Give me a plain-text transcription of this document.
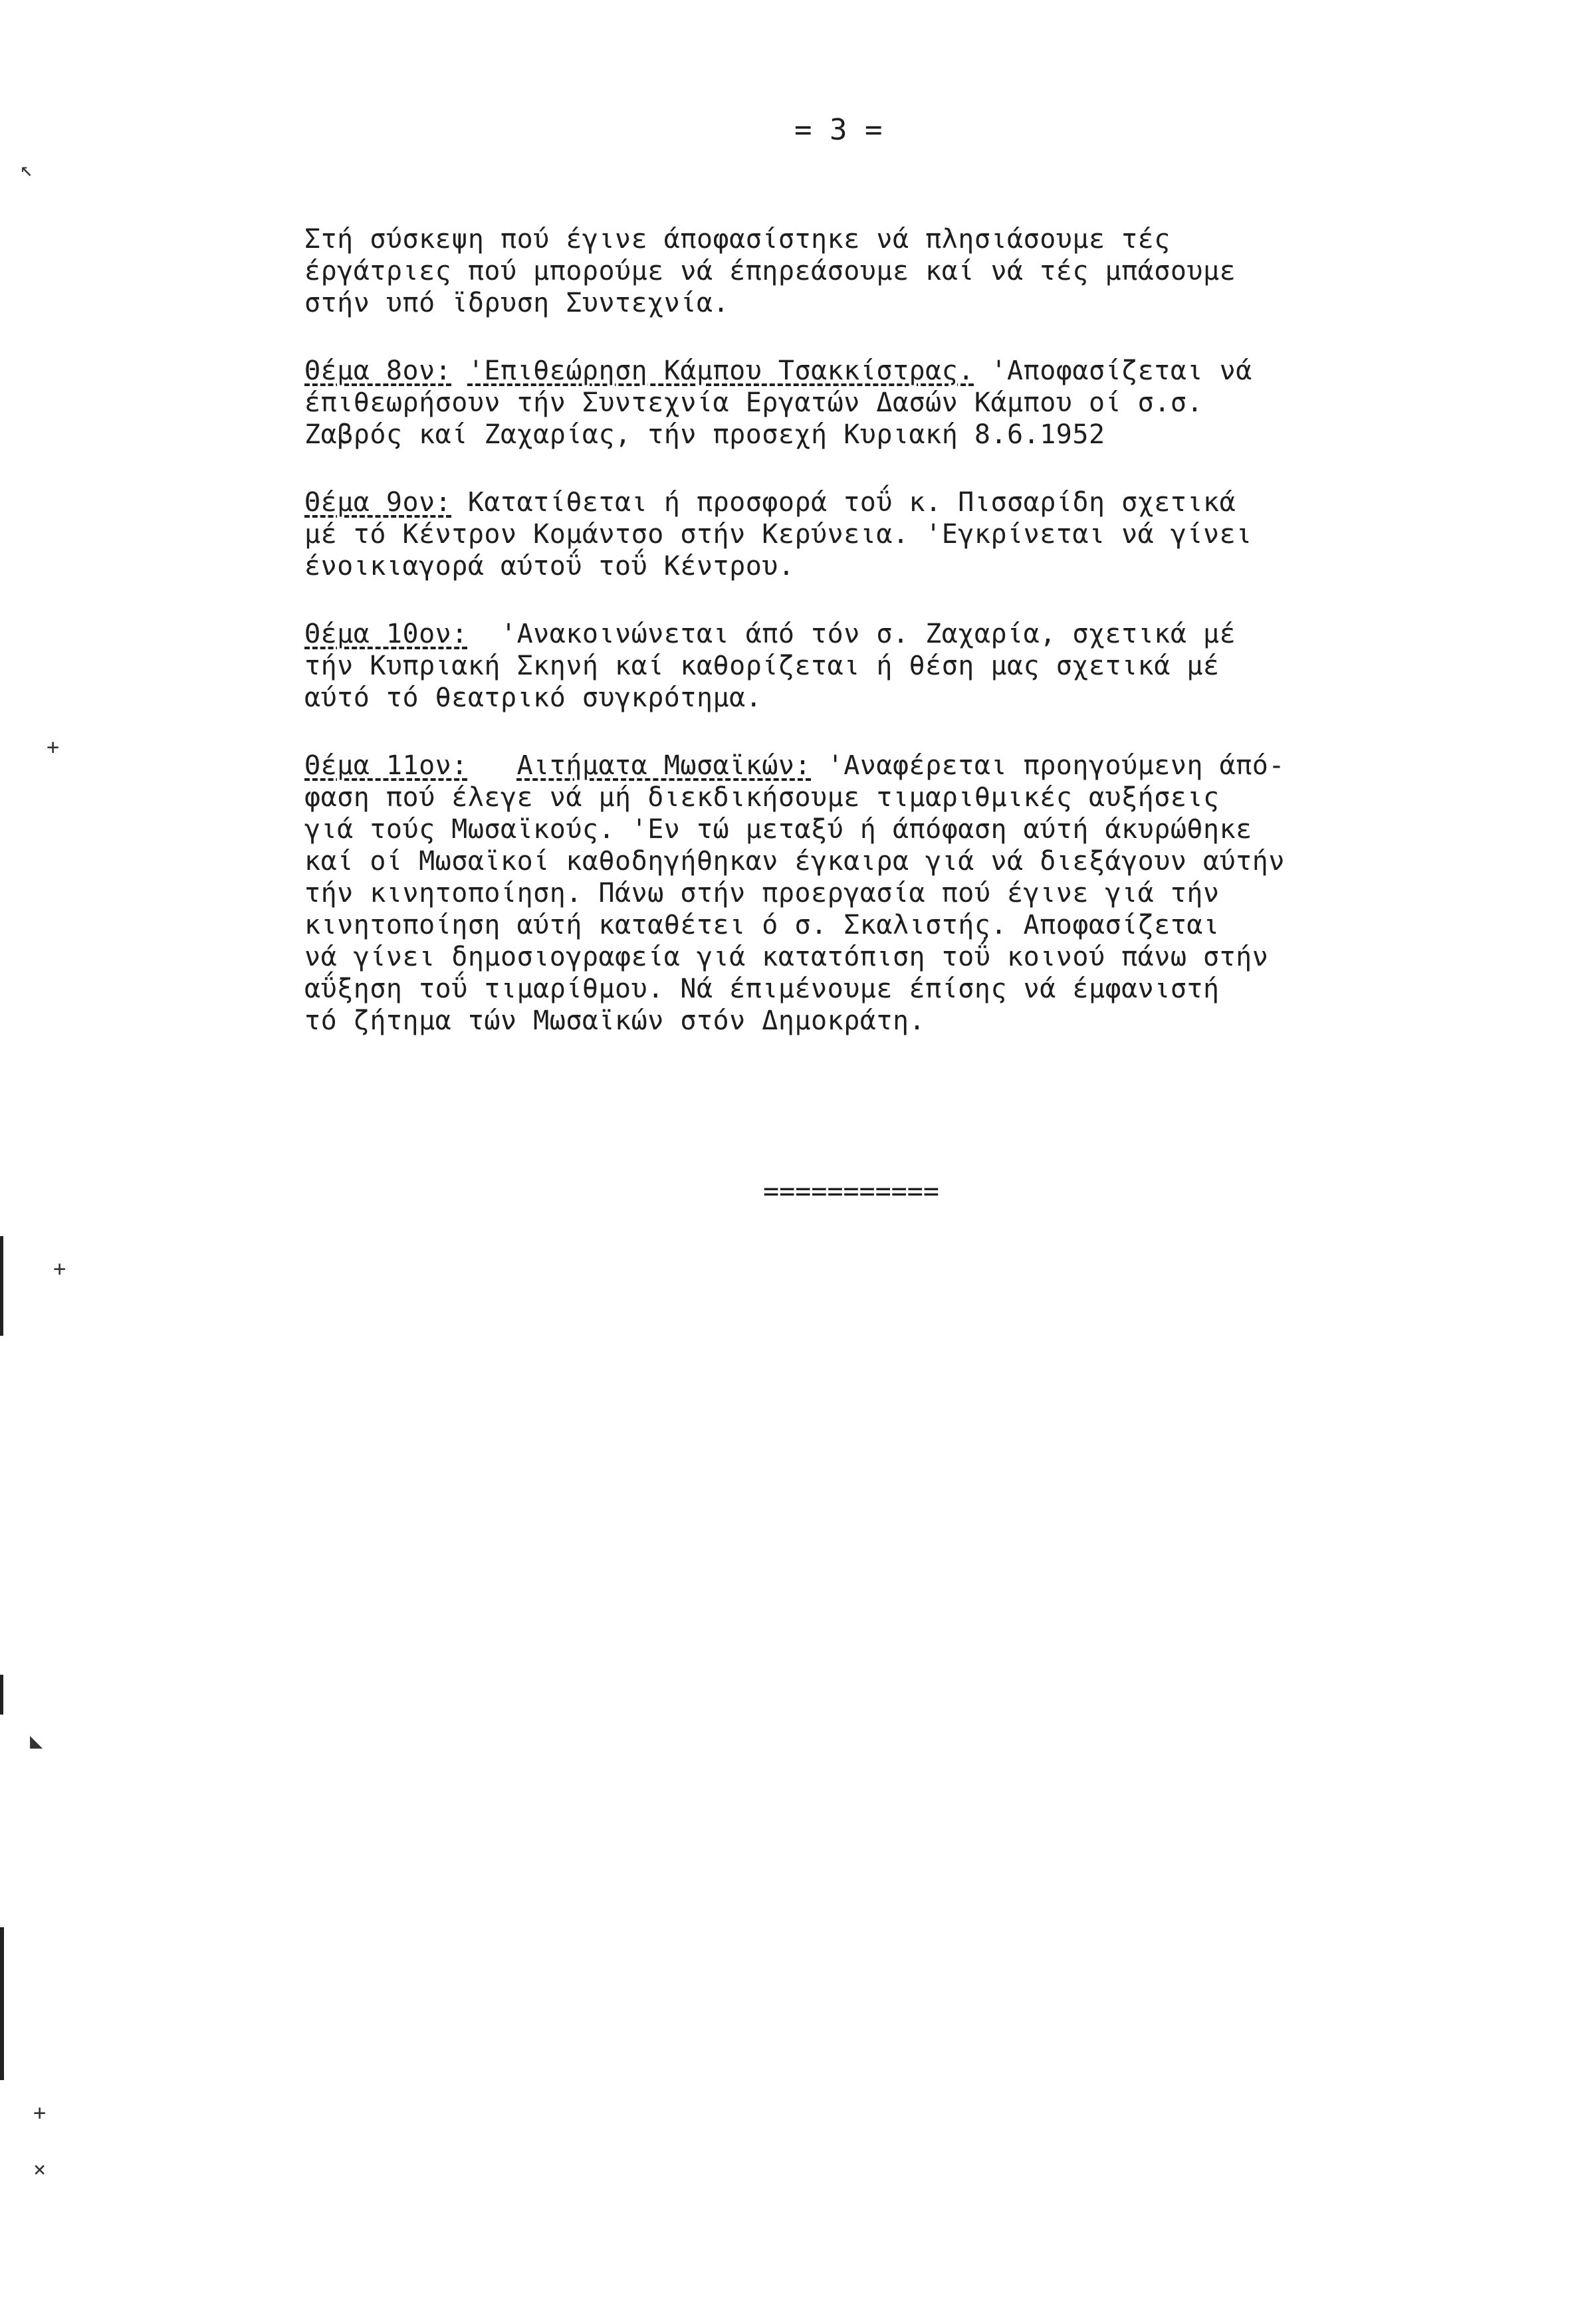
= 3 =
Στή σύσκεψη πού έγινε άποφασίστηκε νά πλησιάσουμε τές
έργάτριες πού μπορούμε νά έπηρεάσουμε καί νά τές μπάσουμε
στήν υπό ϊδρυση Συντεχνία.
Θέμα 8ον: 'Επιθεώρηση Κάμπου Τσακκίστρας. 'Αποφασίζεται νά
έπιθεωρήσουν τήν Συντεχνία Εργατών Δασών Κάμπου οί σ.σ.
Ζαβρός καί Ζαχαρίας, τήν προσεχή Κυριακή 8.6.1952
Θέμα 9ον: Κατατίθεται ή προσφορά τοΰ κ. Πισσαρίδη σχετικά
μέ τό Κέντρον Κομάντσο στήν Κερύνεια. 'Εγκρίνεται νά γίνει
ένοικιαγορά αύτοΰ τοΰ Κέντρου.
Θέμα 10ον:  'Ανακοινώνεται άπό τόν σ. Ζαχαρία, σχετικά μέ
τήν Κυπριακή Σκηνή καί καθορίζεται ή θέση μας σχετικά μέ
αύτό τό θεατρικό συγκρότημα.
Θέμα 11ον: Αιτήματα Μωσαϊκών: 'Αναφέρεται προηγούμενη άπό-
φαση πού έλεγε νά μή διεκδικήσουμε τιμαριθμικές αυξήσεις
γιά τούς Μωσαϊκούς. 'Εν τώ μεταξύ ή άπόφαση αύτή άκυρώθηκε
καί οί Μωσαϊκοί καθοδηγήθηκαν έγκαιρα γιά νά διεξάγουν αύτήν
τήν κινητοποίηση. Πάνω στήν προεργασία πού έγινε γιά τήν
κινητοποίηση αύτή καταθέτει ό σ. Σκαλιστής. Αποφασίζεται
νά γίνει δημοσιογραφεία γιά κατατόπιση τοΰ κοινού πάνω στήν
αΰξηση τοΰ τιμαρίθμου. Νά έπιμένουμε έπίσης νά έμφανιστή
τό ζήτημα τών Μωσαϊκών στόν Δημοκράτη.
===========
↖
+
+
◣
+
×
